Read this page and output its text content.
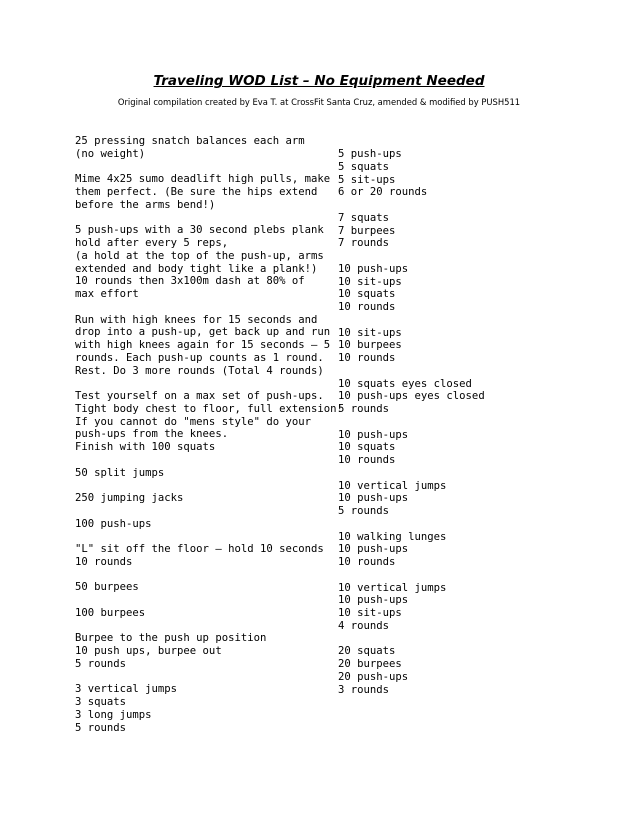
Traveling WOD List – No Equipment Needed

Original compilation created by Eva T. at CrossFit Santa Cruz, amended & modified by PUSH511

25 pressing snatch balances each arm
(no weight)
Mime 4x25 sumo deadlift high pulls, make
them perfect. (Be sure the hips extend
before the arms bend!)
5 push-ups with a 30 second plebs plank
hold after every 5 reps,
(a hold at the top of the push-up, arms
extended and body tight like a plank!)
10 rounds then 3x100m dash at 80% of
max effort
Run with high knees for 15 seconds and
drop into a push-up, get back up and run
with high knees again for 15 seconds – 5
rounds. Each push-up counts as 1 round.
Rest. Do 3 more rounds (Total 4 rounds)
Test yourself on a max set of push-ups.
Tight body chest to floor, full extension!
If you cannot do "mens style" do your
push-ups from the knees.
Finish with 100 squats
50 split jumps
250 jumping jacks
100 push-ups
"L" sit off the floor – hold 10 seconds
10 rounds
50 burpees
100 burpees
Burpee to the push up position
10 push ups, burpee out
5 rounds
3 vertical jumps
3 squats
3 long jumps
5 rounds
5 push-ups
5 squats
5 sit-ups
6 or 20 rounds
7 squats
7 burpees
7 rounds
10 push-ups
10 sit-ups
10 squats
10 rounds
10 sit-ups
10 burpees
10 rounds
10 squats eyes closed
10 push-ups eyes closed
5 rounds
10 push-ups
10 squats
10 rounds
10 vertical jumps
10 push-ups
5 rounds
10 walking lunges
10 push-ups
10 rounds
10 vertical jumps
10 push-ups
10 sit-ups
4 rounds
20 squats
20 burpees
20 push-ups
3 rounds
